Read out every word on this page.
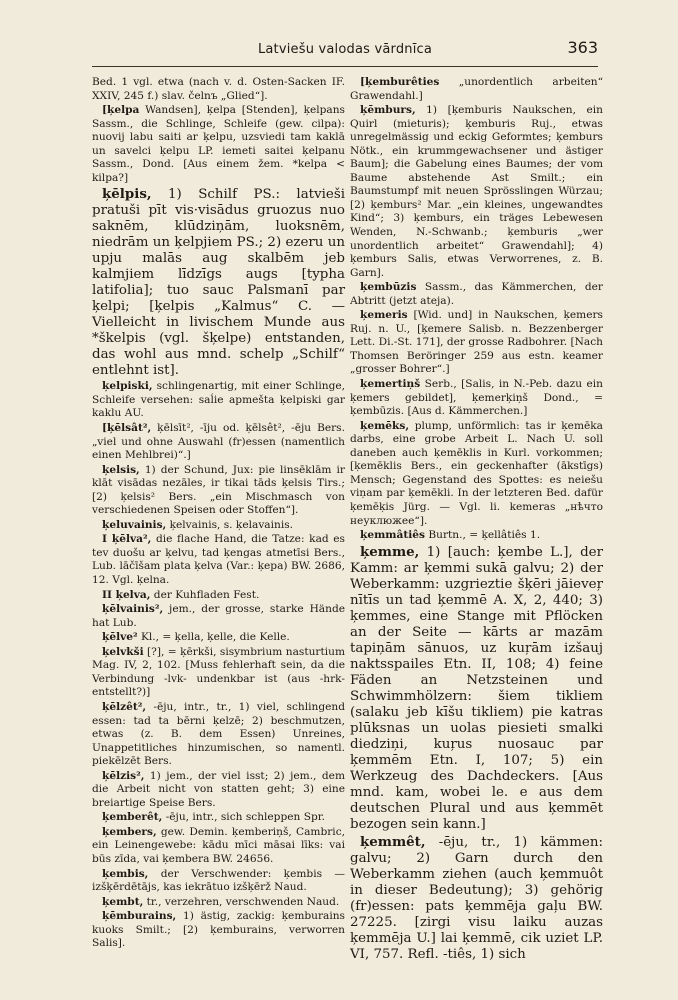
Latviešu valodas vārdnīca	363

Bed. 1 vgl. etwa (nach v. d. Osten-Sacken IF. XXIV, 245 f.) slav. čelnъ „Glied“].

[ķelpa Wandsen], ķelpa [Stenden], ķelpans Sassm., die Schlinge, Schleife (gew. cilpa): nuovij labu saiti ar ķelpu, uzsviedi tam kaklā un savelci ķelpu LP. iemeti saitei ķelpanu Sassm., Dond. [Aus einem žem. *kelpa < kilpa?]

ķēlpis, 1) Schilf PS.: latvieši pratuši pīt vis·visādus gruozus nuo saknēm, klūdziņām, luoksnēm, niedrām un ķelpjiem PS.; 2) ezeru un upju malās aug skalbēm jeb kalmjiem līdzīgs augs [typha latifolia]; tuo sauc Palsmanī par ķelpi; [ķelpis „Kalmus“ C. — Vielleicht in livischem Munde aus *škelpis (vgl. šķelpe) entstanden, das wohl aus mnd. schelp „Schilf“ entlehnt ist].

ķelpiski, schlingenartig, mit einer Schlinge, Schleife versehen: saĺie apmešta ķelpiski gar kaklu AU.

[ķēlsât², ķēlsīt², -īju od. ķēlsêt², -ēju Bers. „viel und ohne Auswahl (fr)essen (namentlich einen Mehlbrei)“.]

ķelsis, 1) der Schund, Jux: pie linsēklām ir klāt visādas nezāles, ir tikai tāds ķelsis Tirs.; [2) ķelsis² Bers. „ein Mischmasch von verschiedenen Speisen oder Stoffen“].

ķeluvainis, ķelvainis, s. ķelavainis.

I ķēlva², die flache Hand, die Tatze: kad es tev duošu ar ķelvu, tad ķengas atmetīsi Bers., Lub. lāčīšam plata ķelva (Var.: ķepa) BW. 2686, 12. Vgl. ķelna.

II ķelva, der Kuhfladen Fest.

ķēlvainis², jem., der grosse, starke Hände hat Lub.

ķēlve² Kl., = ķella, ķelle, die Kelle.

ķelvkši [?], = ķērkši, sisymbrium nasturtium Mag. IV, 2, 102. [Muss fehlerhaft sein, da die Verbindung -lvk- undenkbar ist (aus -hrk- entstellt?)]

ķēlzêt², -ēju, intr., tr., 1) viel, schlingend essen: tad ta bērni ķelzē; 2) beschmutzen, etwas (z. B. dem Essen) Unreines, Unappetitliches hinzumischen, so namentl. piekēlzēt Bers.

ķēlzis², 1) jem., der viel isst; 2) jem., dem die Arbeit nicht von statten geht; 3) eine breiartige Speise Bers.

ķemberêt, -ēju, intr., sich schleppen Spr.

ķembers, gew. Demin. ķemberiņš, Cambric, ein Leinengewebe: kādu mīci māsai līks: vai būs zīda, vai ķembera BW. 24656.

ķembis, der Verschwender: ķembis — izšķērdētājs, kas iekrātuo izšķērž Naud.

ķembt, tr., verzehren, verschwenden Naud.

ķēmburains, 1) ästig, zackig: ķemburains kuoks Smilt.; [2) ķemburains, verworren Salis].

[ķemburêties „unordentlich arbeiten“ Grawendahl.]

ķēmburs, 1) [ķemburis Naukschen, ein Quirl (mieturis); ķemburis Ruj., etwas unregelmässig und eckig Geformtes; ķemburs Nötk., ein krummgewachsener und ästiger Baum]; die Gabelung eines Baumes; der vom Baume abstehende Ast Smilt.; ein Baumstumpf mit neuen Sprösslingen Würzau; [2) ķemburs² Mar. „ein kleines, ungewandtes Kind“; 3) ķemburs, ein träges Lebewesen Wenden, N.-Schwanb.; ķemburis „wer unordentlich arbeitet“ Grawendahl]; 4) ķemburs Salis, etwas Verworrenes, z. B. Garn].

ķembūzis Sassm., das Kämmerchen, der Abtritt (jetzt ateja).

ķemeris [Wid. und] in Naukschen, ķemers Ruj. n. U., [ķemere Salisb. n. Bezzenberger Lett. Di.-St. 171], der grosse Radbohrer. [Nach Thomsen Beröringer 259 aus estn. keamer „grosser Bohrer“.]

ķemertiņš Serb., [Salis, in N.-Peb. dazu ein ķemers gebildet], ķemerķiņš Dond., = ķembūzis. [Aus d. Kämmerchen.]

ķemēks, plump, unförmlich: tas ir ķemēka darbs, eine grobe Arbeit L. Nach U. soll daneben auch ķemēklis in Kurl. vorkommen; [ķemēklis Bers., ein geckenhafter (ākstīgs) Mensch; Gegenstand des Spottes: es neiešu viņam par ķemēkli. In der letzteren Bed. dafür ķemēķis Jürg. — Vgl. li. kemeras „нѣчто неуклюжее“].

ķemmâtiês Burtn., = ķellâtiês 1.

ķemme, 1) [auch: ķembe L.], der Kamm: ar ķemmi sukā galvu; 2) der Weberkamm: uzgrieztie šķēri jāieveŗ nītīs un tad ķemmē A. X, 2, 440; 3) ķemmes, eine Stange mit Pflöcken an der Seite — kārts ar mazām tapiņām sānuos, uz kuŗām izšauj naktsspailes Etn. II, 108; 4) feine Fäden an Netzsteinen und Schwimmhölzern: šiem tikliem (salaku jeb kīšu tikliem) pie katras plūksnas un uolas piesieti smalki diedziņi, kuŗus nuosauc par ķemmēm Etn. I, 107; 5) ein Werkzeug des Dachdeckers. [Aus mnd. kam, wobei le. e aus dem deutschen Plural und aus ķemmēt bezogen sein kann.]

ķemmêt, -ēju, tr., 1) kämmen: galvu; 2) Garn durch den Weberkamm ziehen (auch ķemmuôt in dieser Bedeutung); 3) gehörig (fr)essen: pats ķemmēja gaļu BW. 27225. [zirgi visu laiku auzas ķemmēja U.] lai ķemmē, cik uziet LP. VI, 757. Refl. -tiês, 1) sich
